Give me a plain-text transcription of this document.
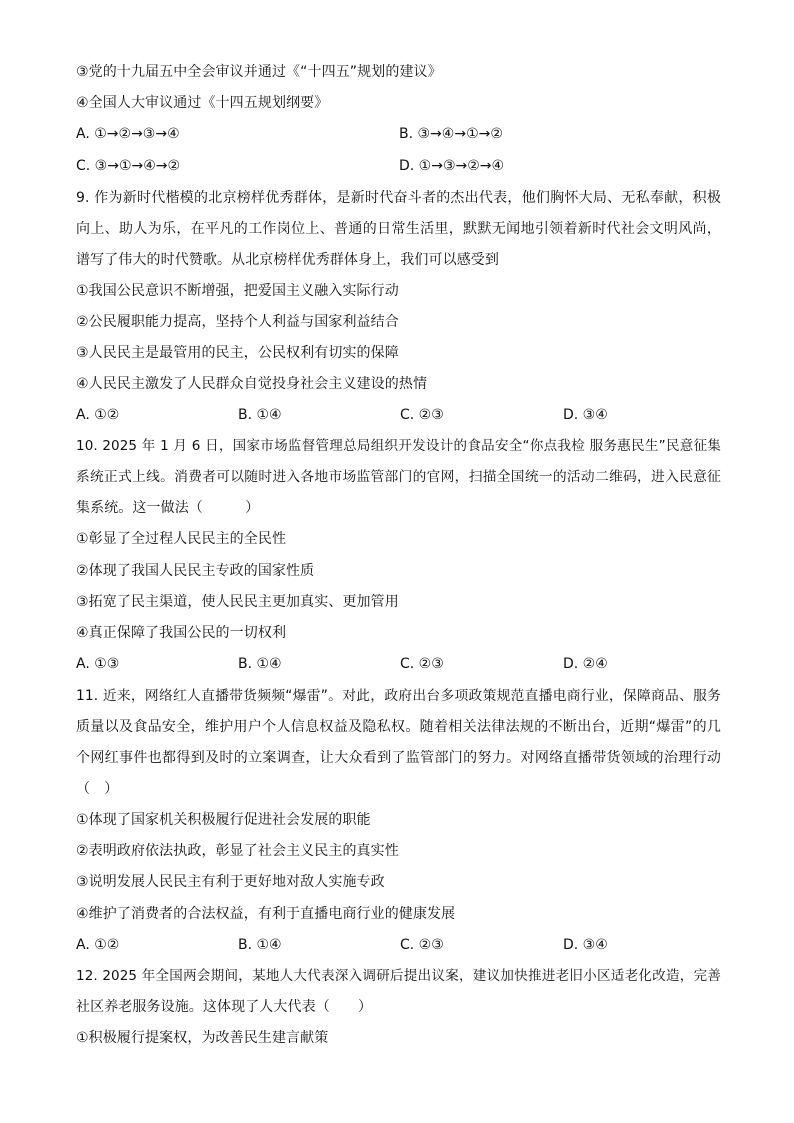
③党的十九届五中全会审议并通过《“十四五”规划的建议》
④全国人大审议通过《十四五规划纲要》
A. ①→②→③→④	B. ③→④→①→②
C. ③→①→④→②	D. ①→③→②→④
9. 作为新时代楷模的北京榜样优秀群体，是新时代奋斗者的杰出代表，他们胸怀大局、无私奉献，积极
向上、助人为乐，在平凡的工作岗位上、普通的日常生活里，默默无闻地引领着新时代社会文明风尚，
谱写了伟大的时代赞歌。从北京榜样优秀群体身上，我们可以感受到
①我国公民意识不断增强，把爱国主义融入实际行动
②公民履职能力提高，坚持个人利益与国家利益结合
③人民民主是最管用的民主，公民权利有切实的保障
④人民民主激发了人民群众自觉投身社会主义建设的热情
A. ①②	B. ①④	C. ②③	D. ③④
10. 2025 年 1 月 6 日，国家市场监督管理总局组织开发设计的食品安全“你点我检 服务惠民生”民意征集
系统正式上线。消费者可以随时进入各地市场监管部门的官网，扫描全国统一的活动二维码，进入民意征
集系统。这一做法（　　　）
①彰显了全过程人民民主的全民性
②体现了我国人民民主专政的国家性质
③拓宽了民主渠道，使人民民主更加真实、更加管用
④真正保障了我国公民的一切权利
A. ①③	B. ①④	C. ②③	D. ②④
11. 近来，网络红人直播带货频频“爆雷”。对此，政府出台多项政策规范直播电商行业，保障商品、服务
质量以及食品安全，维护用户个人信息权益及隐私权。随着相关法律法规的不断出台，近期“爆雷”的几
个网红事件也都得到及时的立案调查，让大众看到了监管部门的努力。对网络直播带货领域的治理行动
（　）
①体现了国家机关积极履行促进社会发展的职能
②表明政府依法执政，彰显了社会主义民主的真实性
③说明发展人民民主有利于更好地对敌人实施专政
④维护了消费者的合法权益，有利于直播电商行业的健康发展
A. ①②	B. ①④	C. ②③	D. ③④
12. 2025 年全国两会期间，某地人大代表深入调研后提出议案，建议加快推进老旧小区适老化改造，完善
社区养老服务设施。这体现了人大代表（　　）
①积极履行提案权，为改善民生建言献策
